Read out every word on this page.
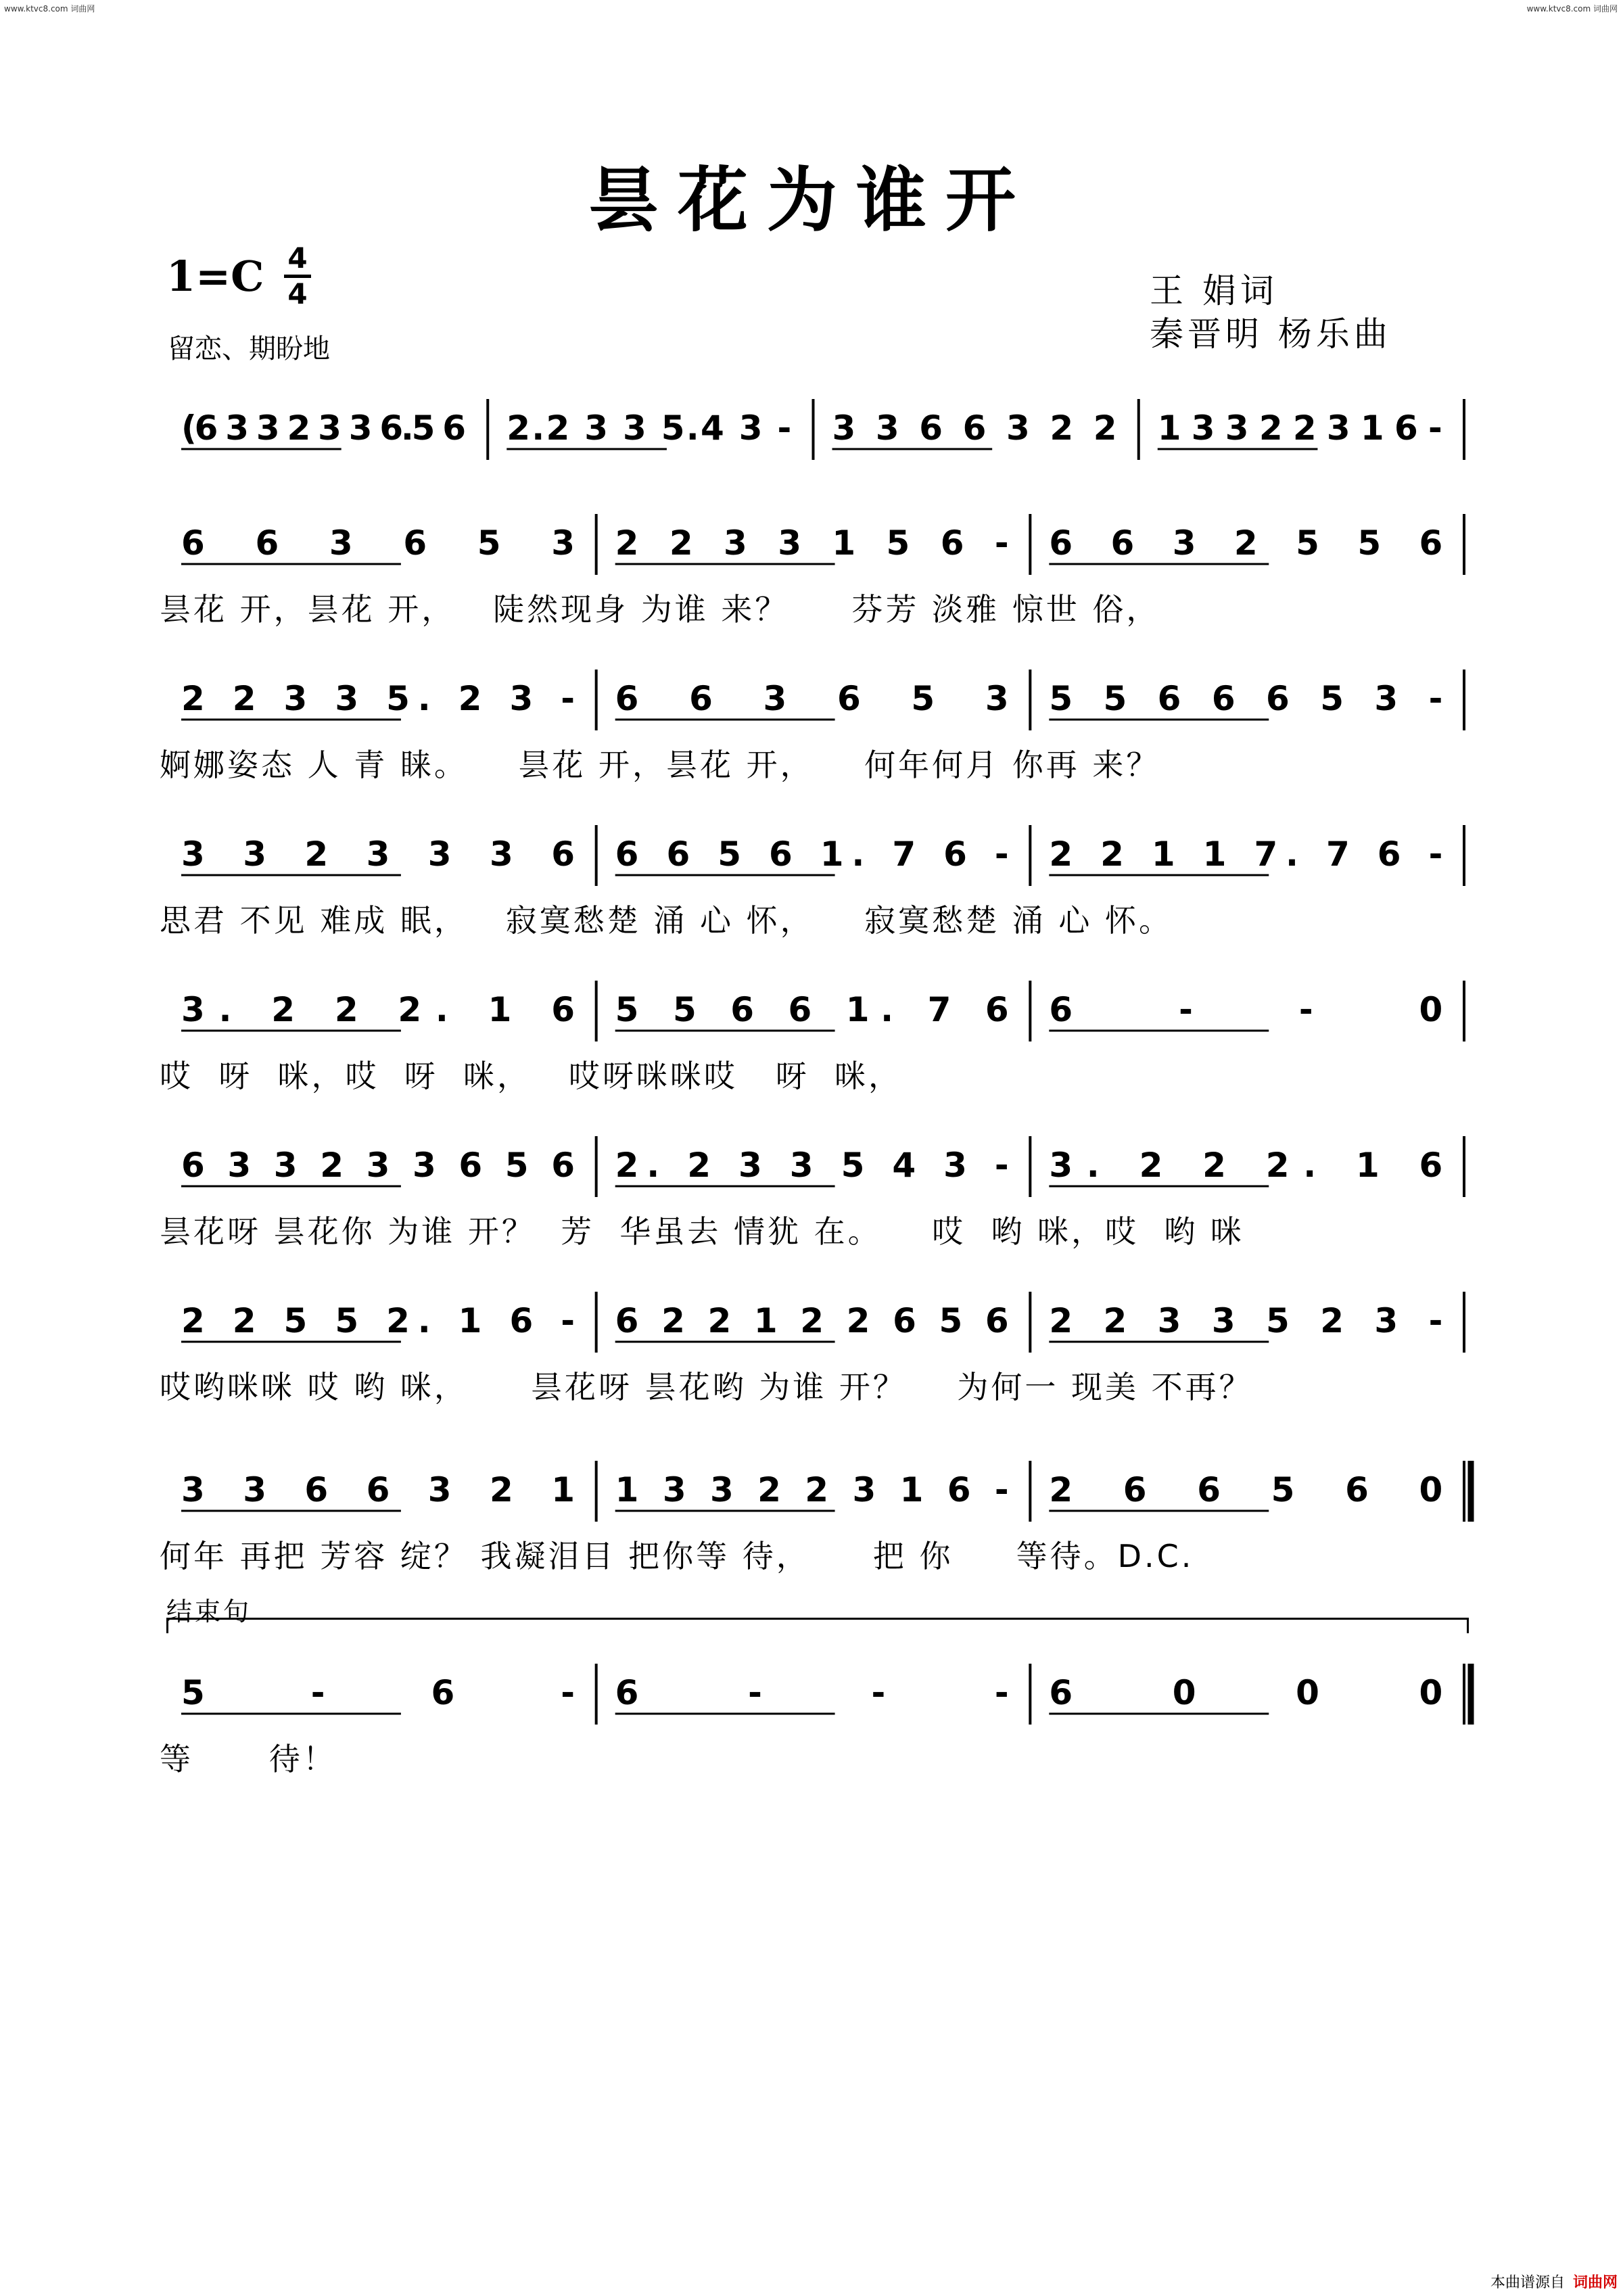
www.ktvc8.com 词曲网	www.ktvc8.com 词曲网
昙花为谁开
1=C 4
4
留恋、期盼地
王 娟词
秦晋明 杨乐曲
(6 3 3 2 3 3 6.5 6 2.2 3 3 5.4 3 - 3 3 6 6 3 2 2 1 3 3 2 2 3 1 6 -
6 6 3 6 5 3 2 2 3 3 1 5 6 - 6 6 3 2 5 5 6
昙花 开，昙花 开，   陡然现身 为谁 来？     芬芳 淡雅 惊世 俗，
2 2 3 3 5. 2 3 - 6 6 3 6 5 3 5 5 6 6 6 5 3 -
婀娜姿态 人 青 睐。    昙花 开，昙花 开，    何年何月 你再 来？
3 3 2 3 3 3 6 6 6 5 6 1. 7 6 - 2 2 1 1 7. 7 6 -
思君 不见 难成 眠，   寂寞愁楚 涌 心 怀，    寂寞愁楚 涌 心 怀。
3. 2 2 2. 1 6 5 5 6 6 1. 7 6 6 - - 0
哎  呀  咪，哎  呀  咪，   哎呀咪咪哎   呀  咪，
6 3 3 2 3 3 6 5 6 2. 2 3 3 5 4 3 - 3. 2 2 2. 1 6
昙花呀 昙花你 为谁 开？  芳  华虽去 情犹 在。    哎  哟 咪，哎  哟 咪
2 2 5 5 2. 1 6 - 6 2 2 1 2 2 6 5 6 2 2 3 3 5 2 3 -
哎哟咪咪 哎 哟 咪，     昙花呀 昙花哟 为谁 开？    为何一 现美 不再？
3 3 6 6 3 2 1 1 3 3 2 2 3 1 6 - 2 6 6 5 6 0
何年 再把 芳容 绽？ 我凝泪目 把你等 待，     把 你     等待。D.C.
5 - 6 - 6 - - - 6 0 0 0
等      待！
结束句
本曲谱源自 词曲网
